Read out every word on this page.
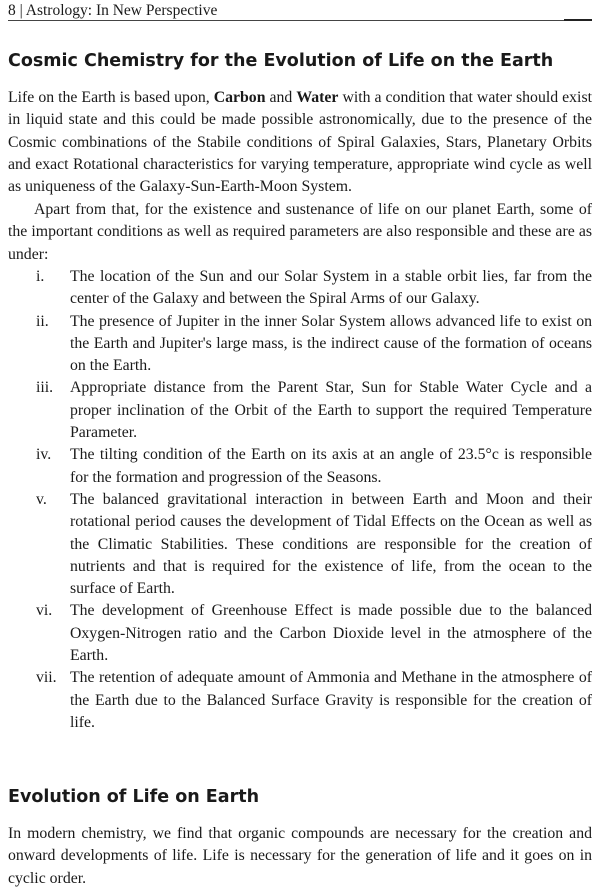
8 | Astrology: In New Perspective
Cosmic Chemistry for the Evolution of Life on the Earth

Life on the Earth is based upon, Carbon and Water with a condition that water should exist in liquid state and this could be made possible astronomically, due to the presence of the Cosmic combinations of the Stabile conditions of Spiral Galaxies, Stars, Planetary Orbits and exact Rotational characteristics for varying temperature, appropriate wind cycle as well as uniqueness of the Galaxy-Sun-Earth-Moon System.

Apart from that, for the existence and sustenance of life on our planet Earth, some of the important conditions as well as required parameters are also responsible and these are as under:

i. The location of the Sun and our Solar System in a stable orbit lies, far from the center of the Galaxy and between the Spiral Arms of our Galaxy.
ii. The presence of Jupiter in the inner Solar System allows advanced life to exist on the Earth and Jupiter's large mass, is the indirect cause of the formation of oceans on the Earth.
iii. Appropriate distance from the Parent Star, Sun for Stable Water Cycle and a proper inclination of the Orbit of the Earth to support the required Temperature Parameter.
iv. The tilting condition of the Earth on its axis at an angle of 23.5°c is responsible for the formation and progression of the Seasons.
v. The balanced gravitational interaction in between Earth and Moon and their rotational period causes the development of Tidal Effects on the Ocean as well as the Climatic Stabilities. These conditions are responsible for the creation of nutrients and that is required for the existence of life, from the ocean to the surface of Earth.
vi. The development of Greenhouse Effect is made possible due to the balanced Oxygen-Nitrogen ratio and the Carbon Dioxide level in the atmosphere of the Earth.
vii. The retention of adequate amount of Ammonia and Methane in the atmosphere of the Earth due to the Balanced Surface Gravity is responsible for the creation of life.
Evolution of Life on Earth

In modern chemistry, we find that organic compounds are necessary for the creation and onward developments of life. Life is necessary for the generation of life and it goes on in cyclic order.
